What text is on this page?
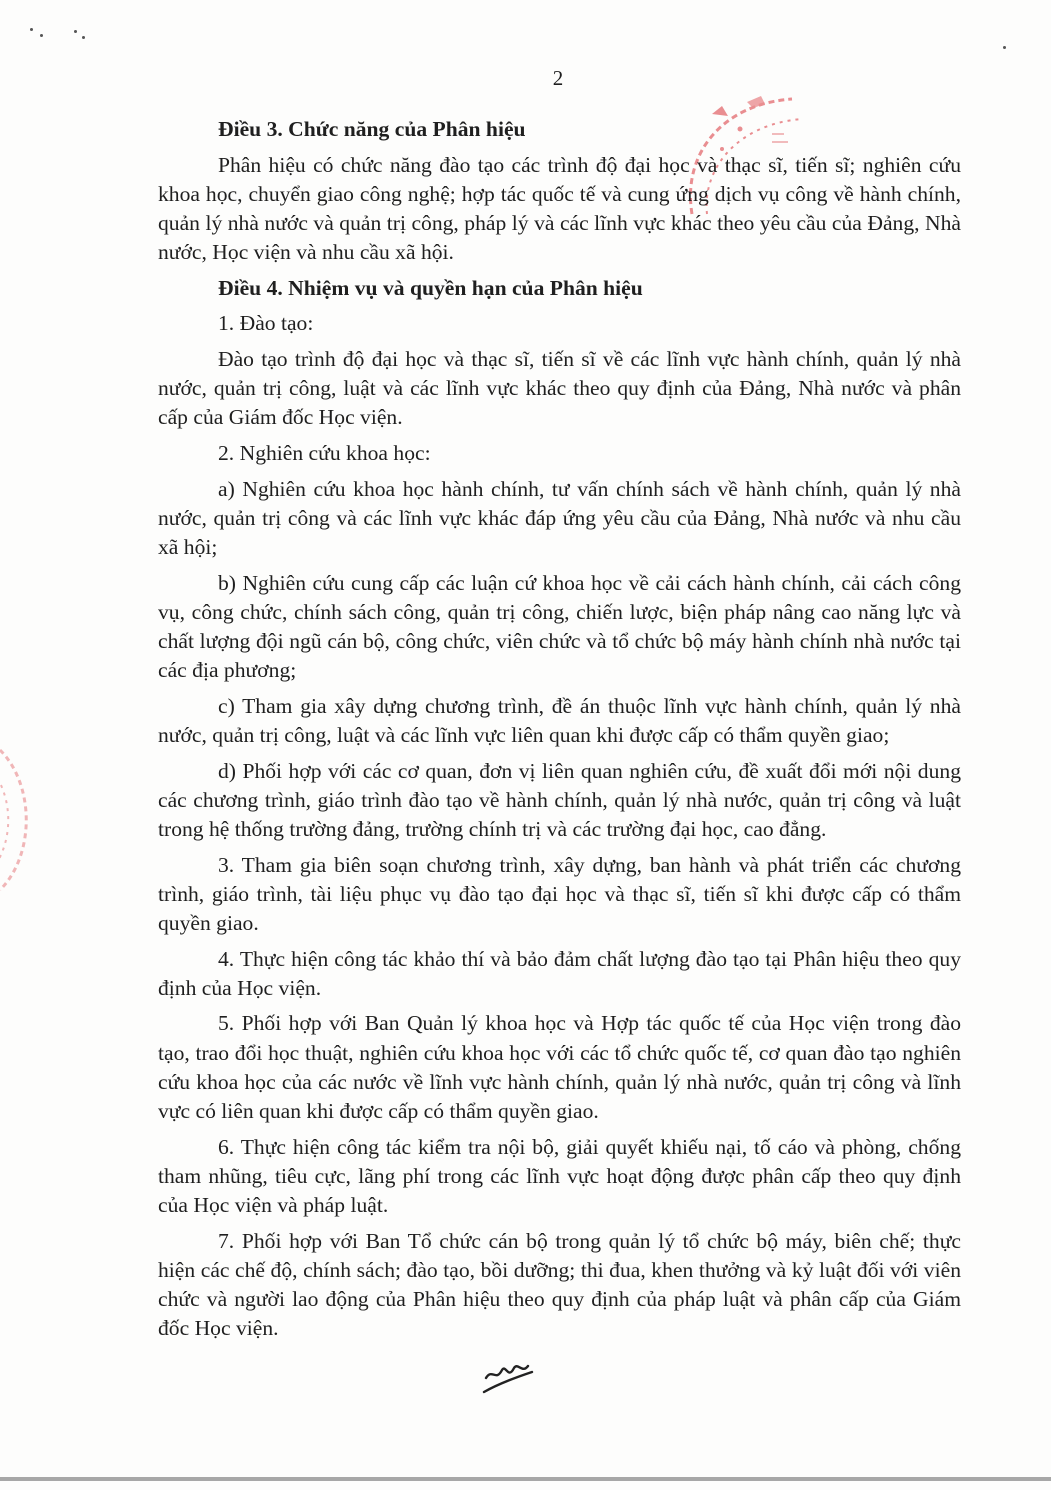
2

Điều 3. Chức năng của Phân hiệu

Phân hiệu có chức năng đào tạo các trình độ đại học và thạc sĩ, tiến sĩ; nghiên cứu khoa học, chuyển giao công nghệ; hợp tác quốc tế và cung ứng dịch vụ công về hành chính, quản lý nhà nước và quản trị công, pháp lý và các lĩnh vực khác theo yêu cầu của Đảng, Nhà nước, Học viện và nhu cầu xã hội.

Điều 4. Nhiệm vụ và quyền hạn của Phân hiệu

1. Đào tạo:

Đào tạo trình độ đại học và thạc sĩ, tiến sĩ về các lĩnh vực hành chính, quản lý nhà nước, quản trị công, luật và các lĩnh vực khác theo quy định của Đảng, Nhà nước và phân cấp của Giám đốc Học viện.

2. Nghiên cứu khoa học:

a) Nghiên cứu khoa học hành chính, tư vấn chính sách về hành chính, quản lý nhà nước, quản trị công và các lĩnh vực khác đáp ứng yêu cầu của Đảng, Nhà nước và nhu cầu xã hội;

b) Nghiên cứu cung cấp các luận cứ khoa học về cải cách hành chính, cải cách công vụ, công chức, chính sách công, quản trị công, chiến lược, biện pháp nâng cao năng lực và chất lượng đội ngũ cán bộ, công chức, viên chức và tổ chức bộ máy hành chính nhà nước tại các địa phương;

c) Tham gia xây dựng chương trình, đề án thuộc lĩnh vực hành chính, quản lý nhà nước, quản trị công, luật và các lĩnh vực liên quan khi được cấp có thẩm quyền giao;

d) Phối hợp với các cơ quan, đơn vị liên quan nghiên cứu, đề xuất đổi mới nội dung các chương trình, giáo trình đào tạo về hành chính, quản lý nhà nước, quản trị công và luật trong hệ thống trường đảng, trường chính trị và các trường đại học, cao đẳng.

3. Tham gia biên soạn chương trình, xây dựng, ban hành và phát triển các chương trình, giáo trình, tài liệu phục vụ đào tạo đại học và thạc sĩ, tiến sĩ khi được cấp có thẩm quyền giao.

4. Thực hiện công tác khảo thí và bảo đảm chất lượng đào tạo tại Phân hiệu theo quy định của Học viện.

5. Phối hợp với Ban Quản lý khoa học và Hợp tác quốc tế của Học viện trong đào tạo, trao đổi học thuật, nghiên cứu khoa học với các tổ chức quốc tế, cơ quan đào tạo nghiên cứu khoa học của các nước về lĩnh vực hành chính, quản lý nhà nước, quản trị công và lĩnh vực có liên quan khi được cấp có thẩm quyền giao.

6. Thực hiện công tác kiểm tra nội bộ, giải quyết khiếu nại, tố cáo và phòng, chống tham nhũng, tiêu cực, lãng phí trong các lĩnh vực hoạt động được phân cấp theo quy định của Học viện và pháp luật.

7. Phối hợp với Ban Tổ chức cán bộ trong quản lý tổ chức bộ máy, biên chế; thực hiện các chế độ, chính sách; đào tạo, bồi dưỡng; thi đua, khen thưởng và kỷ luật đối với viên chức và người lao động của Phân hiệu theo quy định của pháp luật và phân cấp của Giám đốc Học viện.
